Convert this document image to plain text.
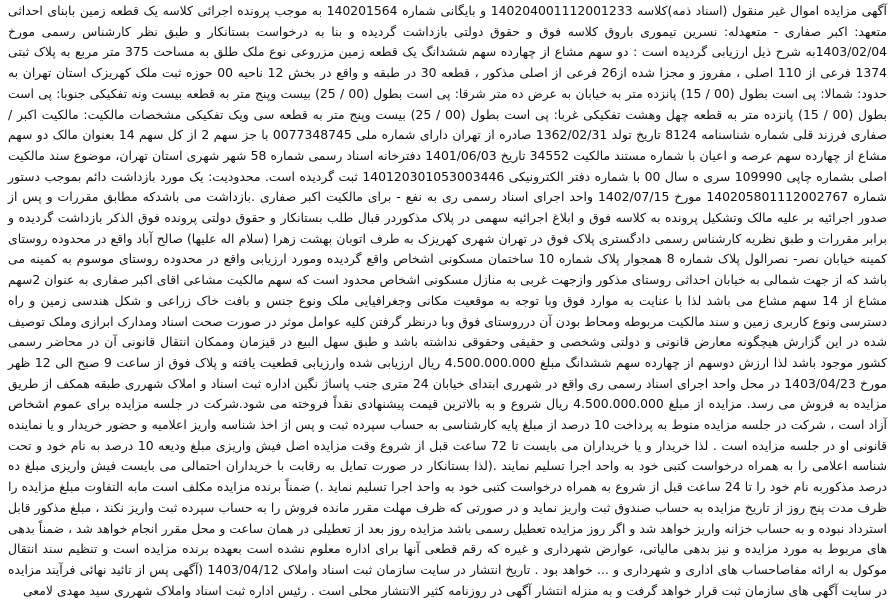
آگهی مزایده اموال غیر منقول (اسناد ذمه)کلاسه 140204001112001233 و بایگانی شماره 140201564 به موجب پرونده اجرائی کلاسه یک قطعه زمین بابنای احداثی متعهد: اکبر صفاری - متعهدله: نسرین تیموری باروق کلاسه فوق و حقوق دولتی بازداشت گردیده و بنا به درخواست بستانکار و طبق نظر کارشناس رسمی مورخ 1403/02/04به شرح ذیل ارزیابی گردیده است : دو سهم مشاع از چهارده سهم ششدانگ یک قطعه زمین مزروعی نوع ملک طلق به مساحت 375 متر مربع به پلاک ثبتی 1374 فرعی از 110 اصلی ، مفروز و مجزا شده از26 فرعی از اصلی مذکور ، قطعه 30 در طبقه و واقع در بخش 12 ناحیه 00 حوزه ثبت ملک کهریزک استان تهران به حدود: شمالا: پی است بطول (00 / 15) پانزده متر به خیابان به عرض ده متر شرقا: پی است بطول (00 / 25) بیست وپنج متر به قطعه بیست ونه تفکیکی جنوبا: پی است بطول (00 / 15) پانزده متر به قطعه چهل وهشت تفکیکی غربا: پی است بطول (00 / 25) بیست وپنج متر به قطعه سی ویک تفکیکی مشخصات مالکیت: مالکیت اکبر / صفاری فرزند قلی شماره شناسنامه 8124 تاریخ تولد 1362/02/31 صادره از تهران دارای شماره ملی 0077348745 با جز سهم 2 از کل سهم 14 بعنوان مالک دو سهم مشاع از چهارده سهم عرصه و اعیان با شماره مستند مالکیت 34552 تاریخ 1401/06/03 دفترخانه اسناد رسمی شماره 58 شهر شهری استان تهران، موضوع سند مالکیت اصلی بشماره چاپی 109990 سری ه سال 00 با شماره دفتر الکترونیکی 140120301053003446 ثبت گردیده است. محدودیت: یک مورد بازداشت دائم بموجب دستور شماره 140205801112002767 مورخ 1402/07/15 واحد اجرای اسناد رسمی ری به نفع - برای مالکیت اکبر صفاری .بازداشت می باشدکه مطابق مقررات و پس از صدور اجرائیه بر علیه مالک وتشکیل پرونده به کلاسه فوق و ابلاغ اجرائیه سهمی در پلاک مذکوردر قبال طلب بستانکار و حقوق دولتی پرونده فوق الذکر بازداشت گردیده و برابر مقررات و طبق نظریه کارشناس رسمی دادگستری پلاک فوق در تهران شهری کهریزک به طرف اتوبان بهشت زهرا (سلام اله علیها) صالح آباد واقع در محدوده روستای کمینه خیابان نصر- نصرالول پلاک شماره 8 همجوار پلاک شماره 10 ساختمان مسکونی اشخاص واقع گردیده ومورد ارزیابی واقع در محدوده روستای موسوم به کمینه می باشد که از جهت شمالی به خیابان احداثی روستای مذکور وازجهت غربی به منازل مسکونی اشخاص محدود است که سهم مالکیت مشاعی اقای اکبر صفاری به عنوان 2سهم مشاع از 14 سهم مشاع می باشد لذا با عنایت به موارد فوق وبا توجه به موقعیت مکانی وجغرافیایی ملک ونوع جنس و بافت خاک زراعی و شکل هندسی زمین و راه دسترسی ونوع کاربری زمین و سند مالکیت مربوطه ومحاط بودن آن درروستای فوق وبا درنظر گرفتن کلیه عوامل موثر در صورت صحت اسناد ومدارک ابرازی وملک توصیف شده در این گزارش هیچگونه معارض قانونی و دولتی وشخصی و حقیقی وحقوقی نداشته باشد و طبق سهل البیع در قیزمان وممکان انتقال قانونی آن در محاضر رسمی کشور موجود باشد لذا ارزش دوسهم از چهارده سهم ششدانگ مبلغ 4.500.000.000 ریال ارزیابی شده وارزیابی قطعیت یافته و پلاک فوق از ساعت 9 صبح الی 12 ظهر مورخ 1403/04/23 در محل واحد اجرای اسناد رسمی ری واقع در شهرری ابتدای خیابان 24 متری جنب پاساژ نگین اداره ثبت اسناد و املاک شهرری طبقه همکف از طریق مزایده به فروش می رسد. مزایده از مبلغ 4.500.000.000 ریال شروع و به بالاترین قیمت پیشنهادی نقداً فروخته می شود.شرکت در جلسه مزایده برای عموم اشخاص آزاد است ، شرکت در جلسه مزایده منوط به پرداخت 10 درصد از مبلغ پایه کارشناسی به حساب سپرده ثبت و پس از اخذ شناسه واریز اعلامیه و حضور خریدار و یا نماینده قانونی او در جلسه مزایده است . لذا خریدار و یا خریداران می بایست تا 72 ساعت قبل از شروع وقت مزایده اصل فیش واریزی مبلغ ودیعه 10 درصد به نام خود و تحت شناسه اعلامی را به همراه درخواست کتبی خود به واحد اجرا تسلیم نمایند .(لذا بستانکار در صورت تمایل به رقابت با خریداران احتمالی می بایست فیش واریزی مبلغ ده درصد مذکوربه نام خود را تا 24 ساعت قبل از شروع به همراه درخواست کتبی خود به واحد اجرا تسلیم نماید .) ضمناً برنده مزایده مکلف است مابه التفاوت مبلغ مزایده را ظرف مدت پنج روز از تاریخ مزایده به حساب صندوق ثبت واریز نماید و در صورتی که ظرف مهلت مقرر مانده فروش را به حساب سپرده ثبت واریز نکند ، مبلغ مذکور قابل استرداد نبوده و به حساب خزانه واریز خواهد شد و اگر روز مزایده تعطیل رسمی باشد مزایده روز بعد از تعطیلی در همان ساعت و محل مقرر انجام خواهد شد ، ضمناً بدهی های مربوط به مورد مزایده و نیز بدهی مالیاتی، عوارض شهرداری و غیره که رقم قطعی آنها برای اداره معلوم نشده است بعهده برنده مزایده است و تنظیم سند انتقال موکول به ارائه مفاصاحساب های اداری و شهرداری و ... خواهد بود . تاریخ انتشار در سایت سازمان ثبت اسناد واملاک 1403/04/12 (آگهی پس از تائید نهائی فرآیند مزایده در سایت آگهی های سازمان ثبت قرار خواهد گرفت و به منزله انتشار آگهی در روزنامه کثیر الانتشار محلی است . رئیس اداره ثبت اسناد واملاک شهرری سید مهدی لامعی
